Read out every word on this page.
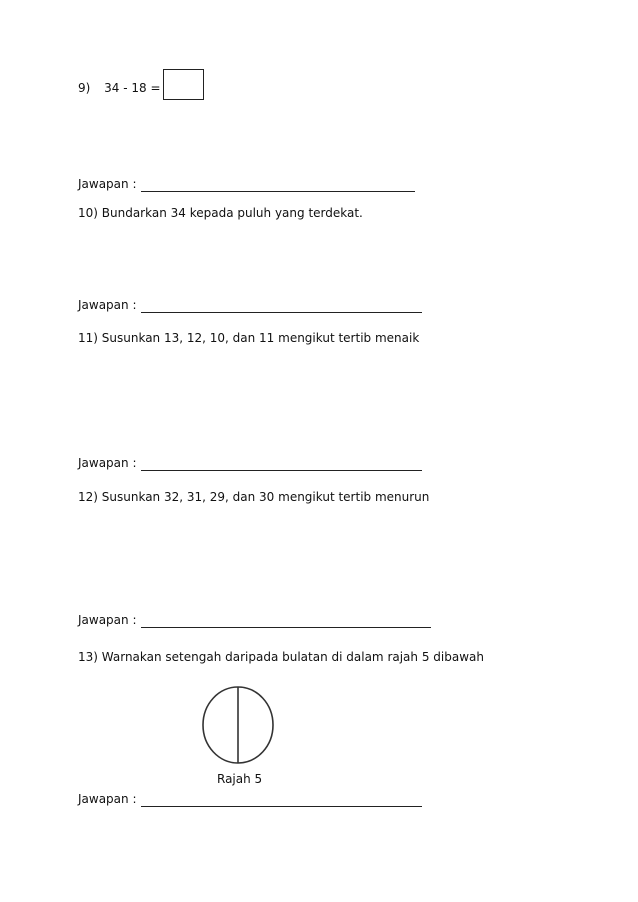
9) 34 - 18 =
Jawapan :
10) Bundarkan 34 kepada puluh yang terdekat.
Jawapan :
11) Susunkan 13, 12, 10, dan 11 mengikut tertib menaik
Jawapan :
12) Susunkan 32, 31, 29, dan 30 mengikut tertib menurun
Jawapan :
13) Warnakan setengah daripada bulatan di dalam rajah 5 dibawah
Rajah 5
Jawapan :
